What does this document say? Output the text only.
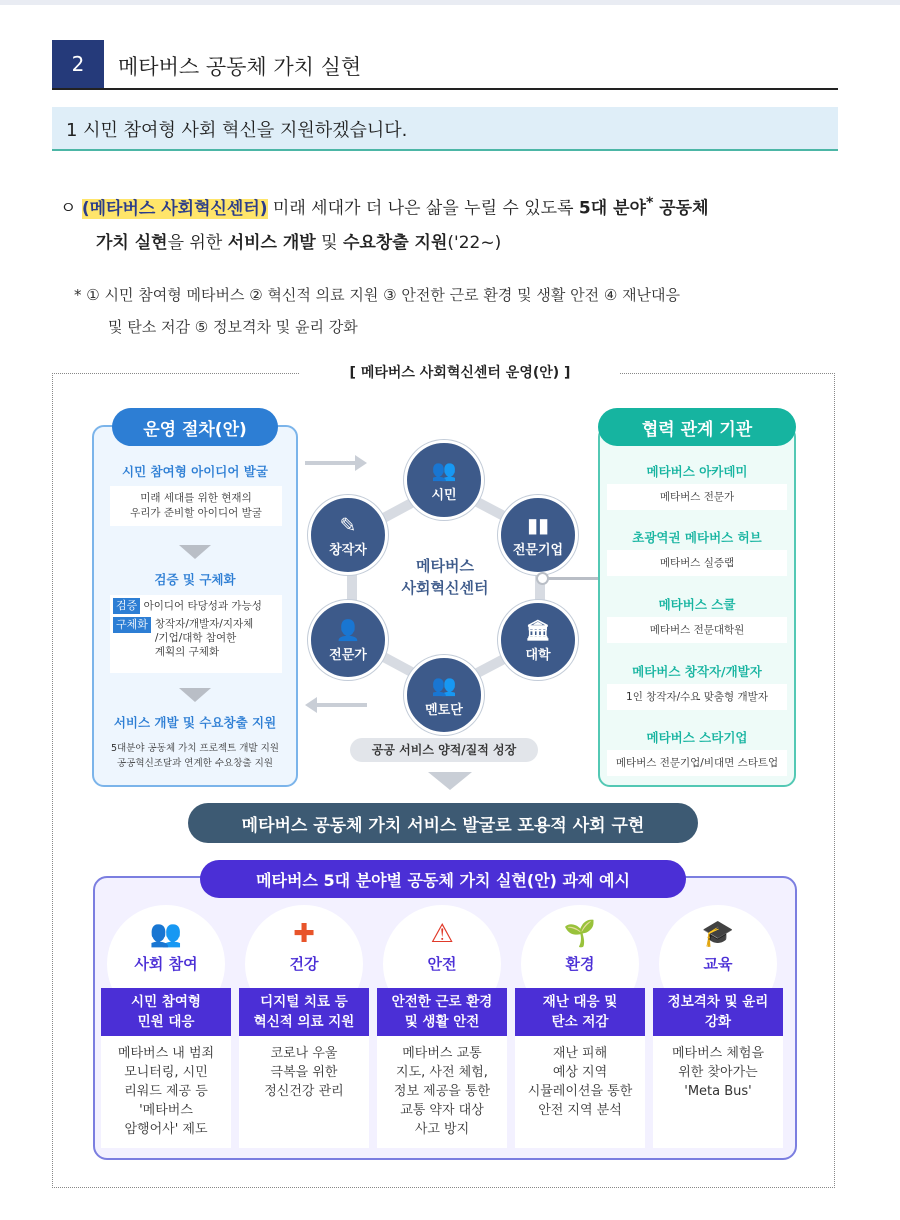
2	메타버스 공동체 가치 실현
1 시민 참여형 사회 혁신을 지원하겠습니다.
ㅇ (메타버스 사회혁신센터) 미래 세대가 더 나은 삶을 누릴 수 있도록 5대 분야* 공동체
가치 실현을 위한 서비스 개발 및 수요창출 지원('22~)
* ① 시민 참여형 메타버스 ② 혁신적 의료 지원 ③ 안전한 근로 환경 및 생활 안전 ④ 재난대응
및 탄소 저감 ⑤ 정보격차 및 윤리 강화
[ 메타버스 사회혁신센터 운영(안) ]
운영 절차(안)
시민 참여형 아이디어 발굴
미래 세대를 위한 현재의
우리가 준비할 아이디어 발굴
검증 및 구체화
검증 아이디어 타당성과 가능성
구체화 창작자/개발자/지자체
/기업/대학 참여한
계획의 구체화
서비스 개발 및 수요창출 지원
5대분야 공동체 가치 프로젝트 개발 지원
공공혁신조달과 연계한 수요창출 지원
메타버스
사회혁신센터
👥
시민
▮▮
전문기업
🏛
대학
👥
멘토단
👤
전문가
✎
창작자
공공 서비스 양적/질적 성장
협력 관계 기관
메타버스 아카데미
메타버스 전문가
초광역권 메타버스 허브
메타버스 실증랩
메타버스 스쿨
메타버스 전문대학원
메타버스 창작자/개발자
1인 창작자/수요 맞춤형 개발자
메타버스 스타기업
메타버스 전문기업/비대면 스타트업
메타버스 공동체 가치 서비스 발굴로 포용적 사회 구현
메타버스 5대 분야별 공동체 가치 실현(안) 과제 예시
👥
사회 참여
시민 참여형
민원 대응
메타버스 내 범죄
모니터링, 시민
리워드 제공 등
'메타버스
암행어사' 제도
✚
건강
디지털 치료 등
혁신적 의료 지원
코로나 우울
극복을 위한
정신건강 관리
⚠
안전
안전한 근로 환경
및 생활 안전
메타버스 교통
지도, 사전 체험,
정보 제공을 통한
교통 약자 대상
사고 방지
🌱
환경
재난 대응 및
탄소 저감
재난 피해
예상 지역
시뮬레이션을 통한
안전 지역 분석
🎓
교육
정보격차 및 윤리
강화
메타버스 체험을
위한 찾아가는
'Meta Bus'
